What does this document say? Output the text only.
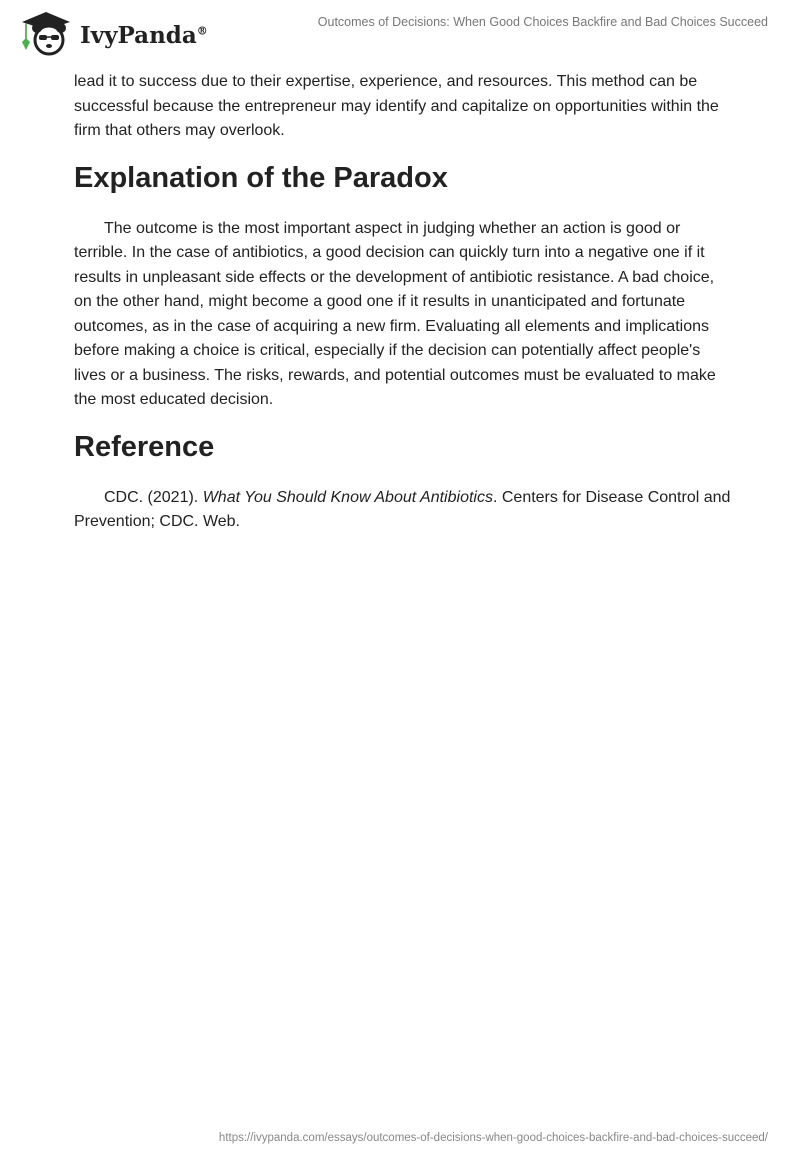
IvyPanda®
Outcomes of Decisions: When Good Choices Backfire and Bad Choices Succeed

lead it to success due to their expertise, experience, and resources. This method can be successful because the entrepreneur may identify and capitalize on opportunities within the firm that others may overlook.

Explanation of the Paradox

The outcome is the most important aspect in judging whether an action is good or terrible. In the case of antibiotics, a good decision can quickly turn into a negative one if it results in unpleasant side effects or the development of antibiotic resistance. A bad choice, on the other hand, might become a good one if it results in unanticipated and fortunate outcomes, as in the case of acquiring a new firm. Evaluating all elements and implications before making a choice is critical, especially if the decision can potentially affect people's lives or a business. The risks, rewards, and potential outcomes must be evaluated to make the most educated decision.

Reference

CDC. (2021). What You Should Know About Antibiotics. Centers for Disease Control and Prevention; CDC. Web.

https://ivypanda.com/essays/outcomes-of-decisions-when-good-choices-backfire-and-bad-choices-succeed/
